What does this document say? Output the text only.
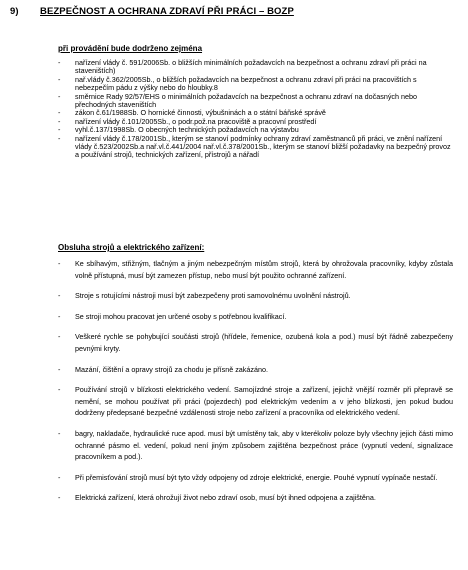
9) BEZPEČNOST A OCHRANA ZDRAVÍ PŘI PRÁCI – BOZP
při provádění bude dodrženo zejména
- nařízení vlády č. 591/2006Sb. o bližších minimálních požadavcích na bezpečnost a ochranu zdraví při práci na staveništích)
- nař.vlády č.362/2005Sb., o bližších požadavcích na bezpečnost a ochranu zdraví při práci na pracovištích s nebezpečím pádu z výšky nebo do hloubky.8
- směrnice Rady 92/57/EHS o minimálních požadavcích na bezpečnost a ochranu zdraví na dočasných nebo přechodných staveništích
- zákon č.61/1988Sb. O hornické činnosti, výbušninách a o státní báňské správě
- nařízení vlády č.101/2005Sb., o podr.pož.na pracoviště a pracovní prostředí
- vyhl.č.137/1998Sb. O obecných technických požadavcích na výstavbu
- nařízení vlády č.178/2001Sb., kterým se stanoví podmínky ochrany zdraví zaměstnanců při práci, ve znění nařízení vlády č.523/2002Sb.a nař.vl.č.441/2004 nař.vl.č.378/2001Sb., kterým se stanoví bližší požadavky na bezpečný provoz a používání strojů, technických zařízení, přístrojů a nářadí
Obsluha strojů a elektrického zařízení:
- Ke sbíhavým, střižným, tlačným a jiným nebezpečným místům strojů, která by ohrožovala pracovníky, kdyby zůstala volně přístupná, musí být zamezen přístup, nebo musí být použito ochranné zařízení.
- Stroje s rotujícími nástroji musí být zabezpečeny proti samovolnému uvolnění nástrojů.
- Se stroji mohou pracovat jen určené osoby s potřebnou kvalifikací.
- Veškeré rychle se pohybující součásti strojů (hřídele, řemenice, ozubená kola a pod.) musí být řádně zabezpečeny pevnými kryty.
- Mazání, čištění a opravy strojů za chodu je přísně zakázáno.
- Používání strojů v blízkosti elektrického vedení. Samojízdné stroje a zařízení, jejichž vnější rozměr při přepravě se nemění, se mohou používat při práci (pojezdech) pod elektrickým vedením a v jeho blízkosti, jen pokud budou dodrženy předepsané bezpečné vzdálenosti stroje nebo zařízení a pracovníka od elektrického vedení.
- bagry, nakladače, hydraulické ruce apod. musí být umístěny tak, aby v kterékoliv poloze byly všechny jejich části mimo ochranné pásmo el. vedení, pokud není jiným způsobem zajištěna bezpečnost práce (vypnutí vedení, signalizace pracovníkem a pod.).
- Při přemisťování strojů musí být tyto vždy odpojeny od zdroje elektrické, energie. Pouhé vypnutí vypínače nestačí.
- Elektrická zařízení, která ohrožují život nebo zdraví osob, musí být ihned odpojena a zajištěna.
